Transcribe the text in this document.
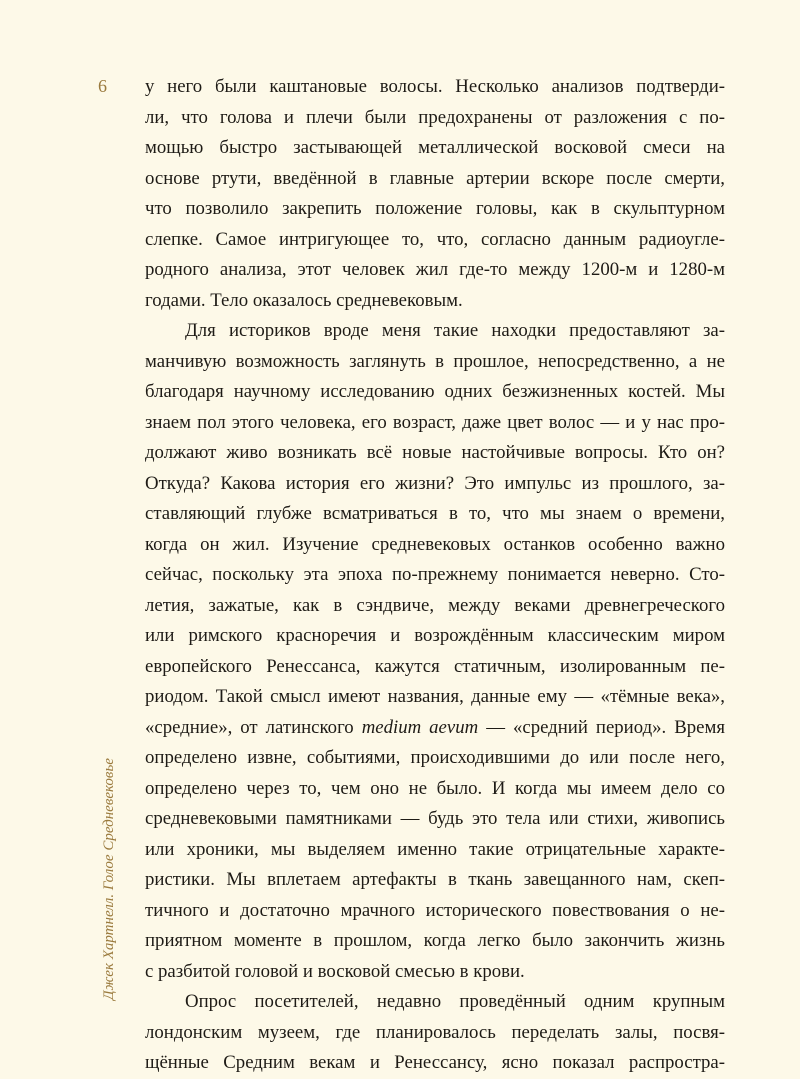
6
Джек Хартнелл. Голое Средневековье
у него были каштановые волосы. Несколько анализов подтверди-
ли, что голова и плечи были предохранены от разложения с по-
мощью быстро застывающей металлической восковой смеси на
основе ртути, введённой в главные артерии вскоре после смерти,
что позволило закрепить положение головы, как в скульптурном
слепке. Самое интригующее то, что, согласно данным радиоугле-
родного анализа, этот человек жил где-то между 1200-м и 1280-м
годами. Тело оказалось средневековым.
Для историков вроде меня такие находки предоставляют за-
манчивую возможность заглянуть в прошлое, непосредственно, а не
благодаря научному исследованию одних безжизненных костей. Мы
знаем пол этого человека, его возраст, даже цвет волос — и у нас про-
должают живо возникать всё новые настойчивые вопросы. Кто он?
Откуда? Какова история его жизни? Это импульс из прошлого, за-
ставляющий глубже всматриваться в то, что мы знаем о времени,
когда он жил. Изучение средневековых останков особенно важно
сейчас, поскольку эта эпоха по-прежнему понимается неверно. Сто-
летия, зажатые, как в сэндвиче, между веками древнегреческого
или римского красноречия и возрождённым классическим миром
европейского Ренессанса, кажутся статичным, изолированным пе-
риодом. Такой смысл имеют названия, данные ему — «тёмные века»,
«средние», от латинского medium aevum — «средний период». Время
определено извне, событиями, происходившими до или после него,
определено через то, чем оно не было. И когда мы имеем дело со
средневековыми памятниками — будь это тела или стихи, живопись
или хроники, мы выделяем именно такие отрицательные характе-
ристики. Мы вплетаем артефакты в ткань завещанного нам, скеп-
тичного и достаточно мрачного исторического повествования о не-
приятном моменте в прошлом, когда легко было закончить жизнь
с разбитой головой и восковой смесью в крови.
Опрос посетителей, недавно проведённый одним крупным
лондонским музеем, где планировалось переделать залы, посвя-
щённые Средним векам и Ренессансу, ясно показал распростра-
